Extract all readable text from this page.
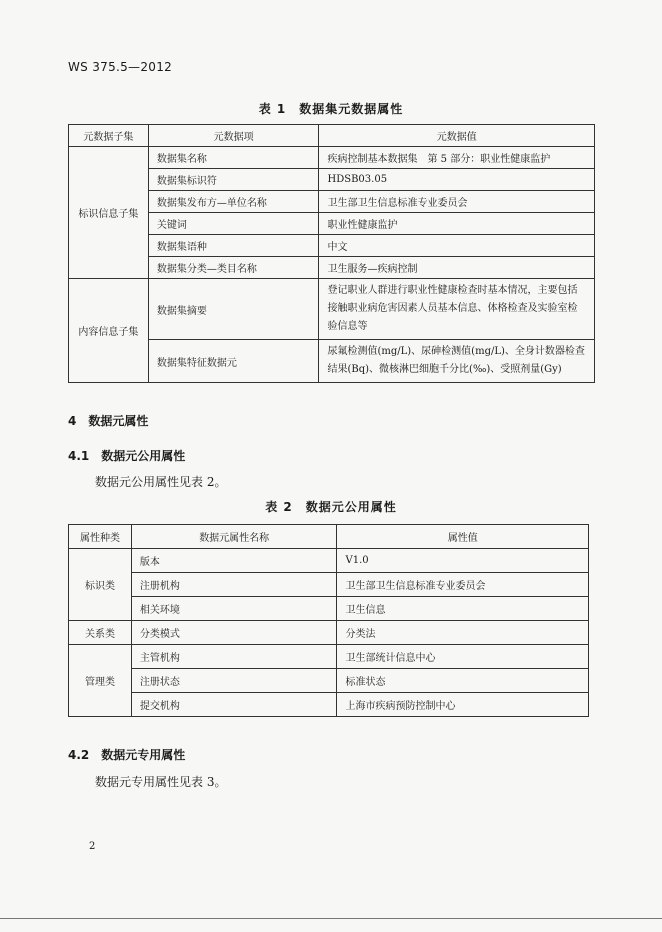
WS 375.5—2012
表 1　数据集元数据属性
元数据子集	元数据项	元数据值
标识信息子集	数据集名称	疾病控制基本数据集　第 5 部分：职业性健康监护
	数据集标识符	HDSB03.05
	数据集发布方—单位名称	卫生部卫生信息标准专业委员会
	关键词	职业性健康监护
	数据集语种	中文
	数据集分类—类目名称	卫生服务—疾病控制
内容信息子集	数据集摘要	登记职业人群进行职业性健康检查时基本情况，主要包括接触职业病危害因素人员基本信息、体格检查及实验室检验信息等
	数据集特征数据元	尿氟检测值(mg/L)、尿砷检测值(mg/L)、全身计数器检查结果(Bq)、微核淋巴细胞千分比(‰)、受照剂量(Gy)
4　数据元属性
4.1　数据元公用属性
数据元公用属性见表 2。
表 2　数据元公用属性
属性种类	数据元属性名称	属性值
标识类	版本	V1.0
	注册机构	卫生部卫生信息标准专业委员会
	相关环境	卫生信息
关系类	分类模式	分类法
管理类	主管机构	卫生部统计信息中心
	注册状态	标准状态
	提交机构	上海市疾病预防控制中心
4.2　数据元专用属性
数据元专用属性见表 3。
2
